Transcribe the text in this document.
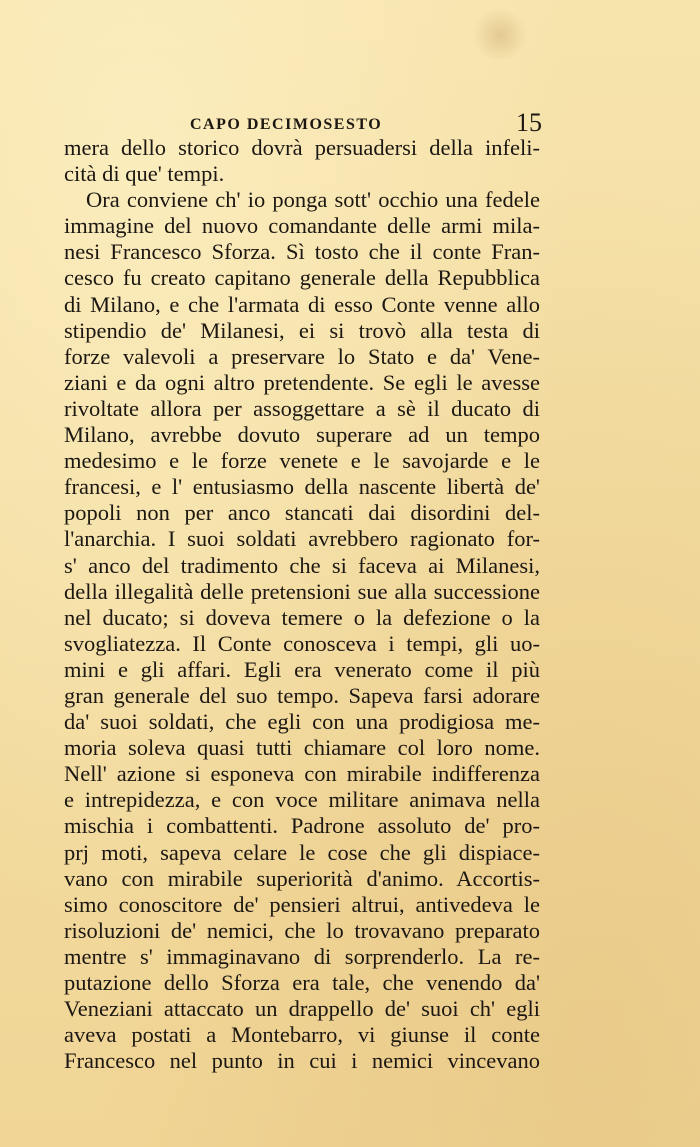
CAPO DECIMOSESTO	15
mera dello storico dovrà persuadersi della infeli-
cità di que' tempi.
Ora conviene ch' io ponga sott' occhio una fedele
immagine del nuovo comandante delle armi mila-
nesi Francesco Sforza. Sì tosto che il conte Fran-
cesco fu creato capitano generale della Repubblica
di Milano, e che l'armata di esso Conte venne allo
stipendio de' Milanesi, ei si trovò alla testa di
forze valevoli a preservare lo Stato e da' Vene-
ziani e da ogni altro pretendente. Se egli le avesse
rivoltate allora per assoggettare a sè il ducato di
Milano, avrebbe dovuto superare ad un tempo
medesimo e le forze venete e le savojarde e le
francesi, e l' entusiasmo della nascente libertà de'
popoli non per anco stancati dai disordini del-
l'anarchia. I suoi soldati avrebbero ragionato for-
s' anco del tradimento che si faceva ai Milanesi,
della illegalità delle pretensioni sue alla successione
nel ducato; si doveva temere o la defezione o la
svogliatezza. Il Conte conosceva i tempi, gli uo-
mini e gli affari. Egli era venerato come il più
gran generale del suo tempo. Sapeva farsi adorare
da' suoi soldati, che egli con una prodigiosa me-
moria soleva quasi tutti chiamare col loro nome.
Nell' azione si esponeva con mirabile indifferenza
e intrepidezza, e con voce militare animava nella
mischia i combattenti. Padrone assoluto de' pro-
prj moti, sapeva celare le cose che gli dispiace-
vano con mirabile superiorità d'animo. Accortis-
simo conoscitore de' pensieri altrui, antivedeva le
risoluzioni de' nemici, che lo trovavano preparato
mentre s' immaginavano di sorprenderlo. La re-
putazione dello Sforza era tale, che venendo da'
Veneziani attaccato un drappello de' suoi ch' egli
aveva postati a Montebarro, vi giunse il conte
Francesco nel punto in cui i nemici vincevano
